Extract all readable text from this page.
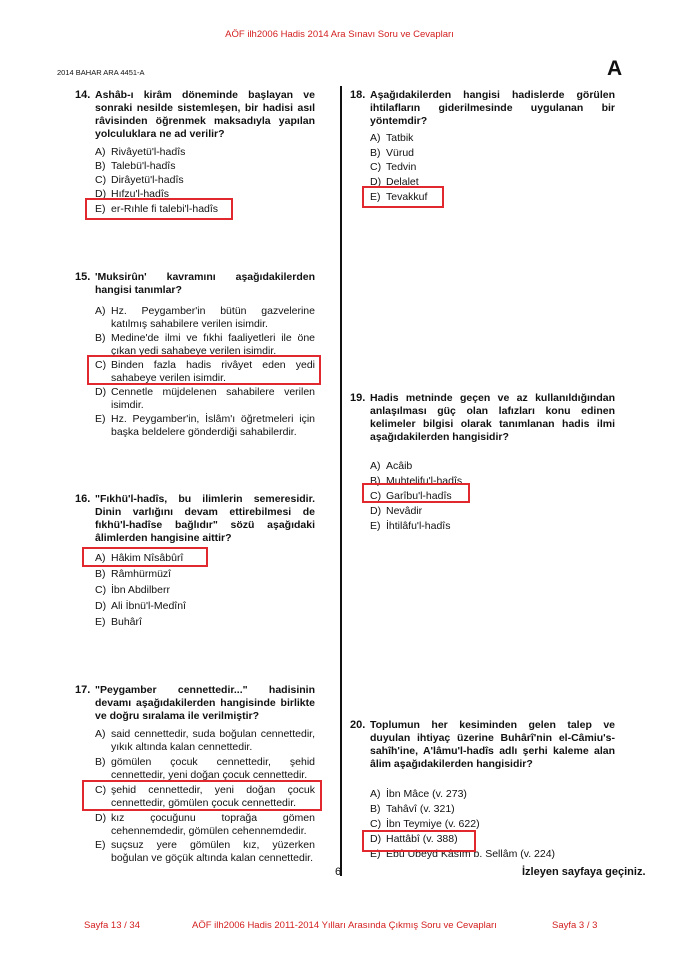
AÖF ilh2006 Hadis 2014 Ara Sınavı Soru ve Cevapları
2014 BAHAR ARA 4451-A	A
14. Ashâb-ı kirâm döneminde başlayan ve sonraki nesilde sistemleşen, bir hadisi asıl râvisinden öğrenmek maksadıyla yapılan yolculuklara ne ad verilir?

A) Rivâyetü'l-hadîs
B) Talebü'l-hadîs
C) Dirâyetü'l-hadîs
D) Hıfzu'l-hadîs
E) er-Rıhle fi talebi'l-hadîs
15. 'Muksirûn' kavramını aşağıdakilerden hangisi tanımlar?

A) Hz. Peygamber'in bütün gazvelerine katılmış sahabilere verilen isimdir.
B) Medine'de ilmi ve fıkhi faaliyetleri ile öne çıkan yedi sahabeye verilen isimdir.
C) Binden fazla hadis rivâyet eden yedi sahabeye verilen isimdir.
D) Cennetle müjdelenen sahabilere verilen isimdir.
E) Hz. Peygamber'in, İslâm'ı öğretmeleri için başka beldelere gönderdiği sahabilerdir.
16. "Fıkhü'l-hadîs, bu ilimlerin semeresidir. Dinin varlığını devam ettirebilmesi de fıkhü'l-hadîse bağlıdır" sözü aşağıdaki âlimlerden hangisine aittir?

A) Hâkim Nîsâbûrî
B) Râmhürmüzî
C) İbn Abdilberr
D) Ali İbnü'l-Medînî
E) Buhârî
17. "Peygamber cennettedir..." hadisinin devamı aşağıdakilerden hangisinde birlikte ve doğru sıralama ile verilmiştir?

A) said cennettedir, suda boğulan cennettedir, yıkık altında kalan cennettedir.
B) gömülen çocuk cennettedir, şehid cennettedir, yeni doğan çocuk cennettedir.
C) şehid cennettedir, yeni doğan çocuk cennettedir, gömülen çocuk cennettedir.
D) kız çocuğunu toprağa gömen cehennemdedir, gömülen cehennemdedir.
E) suçsuz yere gömülen kız, yüzerken boğulan ve göçük altında kalan cennettedir.
18. Aşağıdakilerden hangisi hadislerde görülen ihtilafların giderilmesinde uygulanan bir yöntemdir?

A) Tatbik
B) Vürud
C) Tedvin
D) Delalet
E) Tevakkuf
19. Hadis metninde geçen ve az kullanıldığından anlaşılması güç olan lafızları konu edinen kelimeler bilgisi olarak tanımlanan hadis ilmi aşağıdakilerden hangisidir?

A) Acâib
B) Muhtelifu'l-hadîs
C) Garîbu'l-hadîs
D) Nevâdir
E) İhtilâfu'l-hadîs
20. Toplumun her kesiminden gelen talep ve duyulan ihtiyaç üzerine Buhârî'nin el-Câmiu's-sahîh'ine, A'lâmu'l-hadîs adlı şerhi kaleme alan âlim aşağıdakilerden hangisidir?

A) İbn Mâce (v. 273)
B) Tahâvî (v. 321)
C) İbn Teymiye (v. 622)
D) Hattâbî (v. 388)
E) Ebû Ubeyd Kâsım b. Sellâm (v. 224)
6	İzleyen sayfaya geçiniz.
Sayfa 13 / 34	AÖF ilh2006 Hadis 2011-2014 Yılları Arasında Çıkmış Soru ve Cevapları	Sayfa 3 / 3
